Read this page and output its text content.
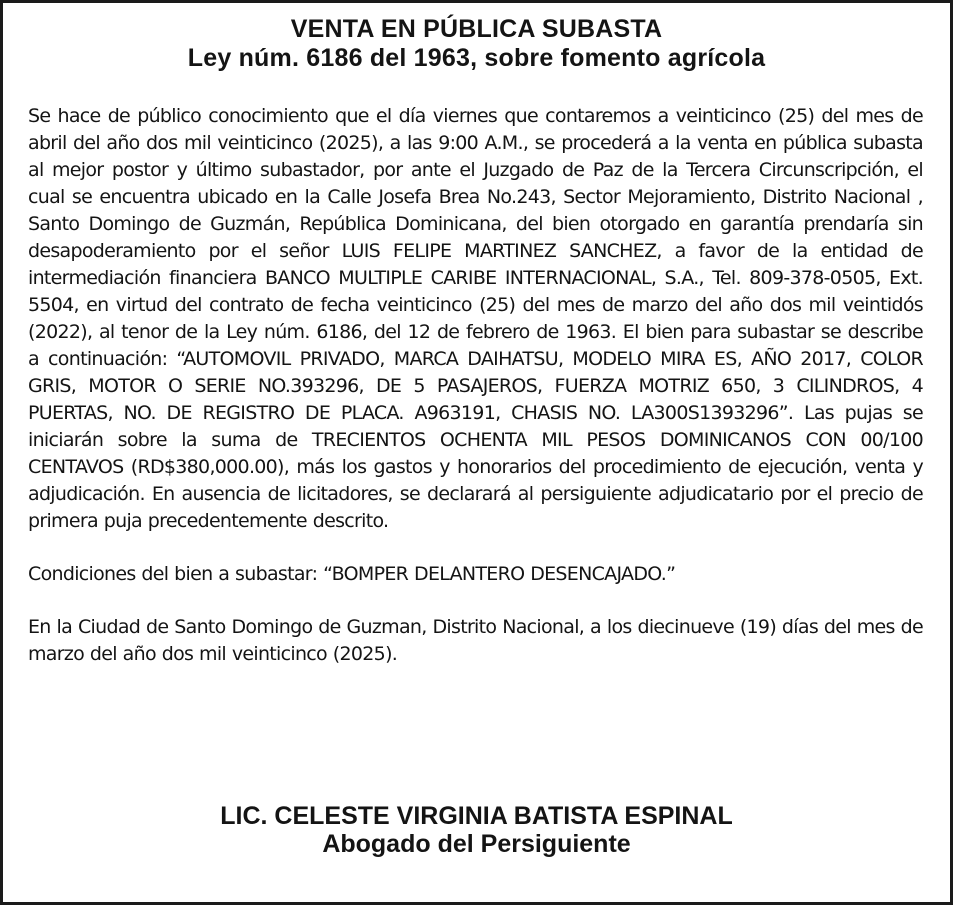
VENTA EN PÚBLICA SUBASTA
Ley núm. 6186 del 1963, sobre fomento agrícola

Se hace de público conocimiento que el día viernes que contaremos a veinticinco (25) del mes de abril del año dos mil veinticinco (2025), a las 9:00 A.M., se procederá a la venta en pública subasta al mejor postor y último subastador, por ante el Juzgado de Paz de la Tercera Circunscripción, el cual se encuentra ubicado en la Calle Josefa Brea No.243, Sector Mejoramiento, Distrito Nacional , Santo Domingo de Guzmán, República Dominicana, del bien otorgado en garantía prendaría sin desapoderamiento por el señor LUIS FELIPE MARTINEZ SANCHEZ, a favor de la entidad de intermediación financiera BANCO MULTIPLE CARIBE INTERNACIONAL, S.A., Tel. 809-378-0505, Ext. 5504, en virtud del contrato de fecha veinticinco (25) del mes de marzo del año dos mil veintidós (2022), al tenor de la Ley núm. 6186, del 12 de febrero de 1963. El bien para subastar se describe a continuación: “AUTOMOVIL PRIVADO, MARCA DAIHATSU, MODELO MIRA ES, AÑO 2017, COLOR GRIS, MOTOR O SERIE NO.393296, DE 5 PASAJEROS, FUERZA MOTRIZ 650, 3 CILINDROS, 4 PUERTAS, NO. DE REGISTRO DE PLACA. A963191, CHASIS NO. LA300S1393296”. Las pujas se iniciarán sobre la suma de TRECIENTOS OCHENTA MIL PESOS DOMINICANOS CON 00/100 CENTAVOS (RD$380,000.00), más los gastos y honorarios del procedimiento de ejecución, venta y adjudicación. En ausencia de licitadores, se declarará al persiguiente adjudicatario por el precio de primera puja precedentemente descrito.

Condiciones del bien a subastar: “BOMPER DELANTERO DESENCAJADO.”

En la Ciudad de Santo Domingo de Guzman, Distrito Nacional, a los diecinueve (19) días del mes de marzo del año dos mil veinticinco (2025).

LIC. CELESTE VIRGINIA BATISTA ESPINAL
Abogado del Persiguiente
